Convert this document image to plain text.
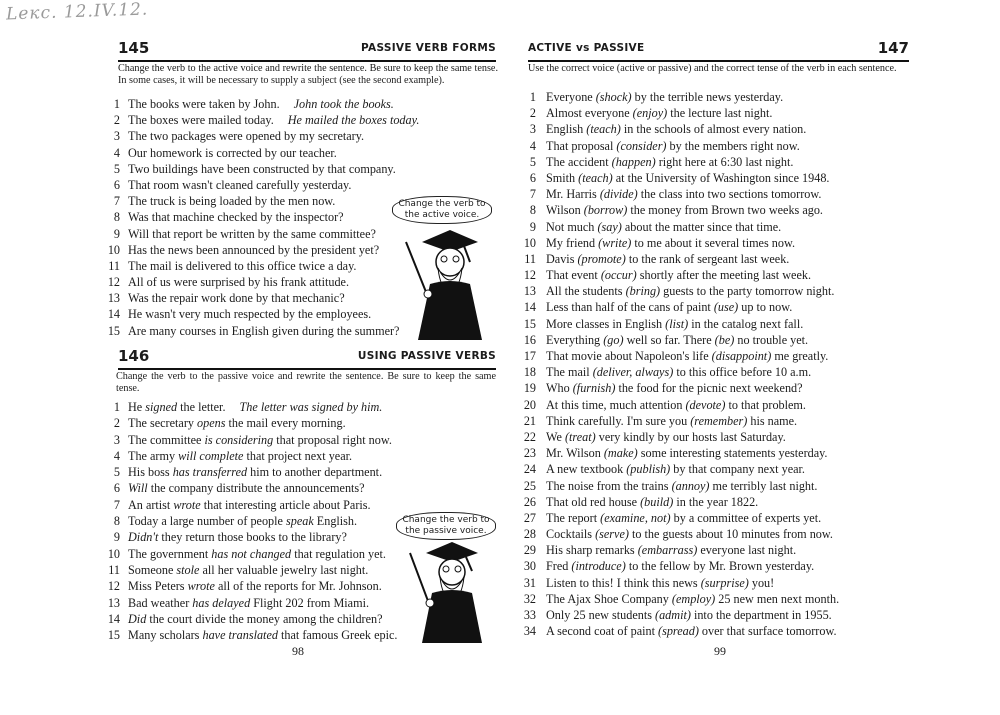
Lекс. 12.IV.12.
145	PASSIVE VERB FORMS
Change the verb to the active voice and rewrite the sentence. Be sure to keep the same tense. In some cases, it will be necessary to supply a subject (see the second example).
1 The books were taken by John. John took the books.
2 The boxes were mailed today. He mailed the boxes today.
3 The two packages were opened by my secretary.
4 Our homework is corrected by our teacher.
5 Two buildings have been constructed by that company.
6 That room wasn't cleaned carefully yesterday.
7 The truck is being loaded by the men now.
8 Was that machine checked by the inspector?
9 Will that report be written by the same committee?
10 Has the news been announced by the president yet?
11 The mail is delivered to this office twice a day.
12 All of us were surprised by his frank attitude.
13 Was the repair work done by that mechanic?
14 He wasn't very much respected by the employees.
15 Are many courses in English given during the summer?
Change the verb to the active voice.
146	USING PASSIVE VERBS
Change the verb to the passive voice and rewrite the sentence. Be sure to keep the same tense.
1 He signed the letter. The letter was signed by him.
2 The secretary opens the mail every morning.
3 The committee is considering that proposal right now.
4 The army will complete that project next year.
5 His boss has transferred him to another department.
6 Will the company distribute the announcements?
7 An artist wrote that interesting article about Paris.
8 Today a large number of people speak English.
9 Didn't they return those books to the library?
10 The government has not changed that regulation yet.
11 Someone stole all her valuable jewelry last night.
12 Miss Peters wrote all of the reports for Mr. Johnson.
13 Bad weather has delayed Flight 202 from Miami.
14 Did the court divide the money among the children?
15 Many scholars have translated that famous Greek epic.
Change the verb to the passive voice.
98
ACTIVE vs PASSIVE	147
Use the correct voice (active or passive) and the correct tense of the verb in each sentence.
1 Everyone (shock) by the terrible news yesterday.
2 Almost everyone (enjoy) the lecture last night.
3 English (teach) in the schools of almost every nation.
4 That proposal (consider) by the members right now.
5 The accident (happen) right here at 6:30 last night.
6 Smith (teach) at the University of Washington since 1948.
7 Mr. Harris (divide) the class into two sections tomorrow.
8 Wilson (borrow) the money from Brown two weeks ago.
9 Not much (say) about the matter since that time.
10 My friend (write) to me about it several times now.
11 Davis (promote) to the rank of sergeant last week.
12 That event (occur) shortly after the meeting last week.
13 All the students (bring) guests to the party tomorrow night.
14 Less than half of the cans of paint (use) up to now.
15 More classes in English (list) in the catalog next fall.
16 Everything (go) well so far. There (be) no trouble yet.
17 That movie about Napoleon's life (disappoint) me greatly.
18 The mail (deliver, always) to this office before 10 a.m.
19 Who (furnish) the food for the picnic next weekend?
20 At this time, much attention (devote) to that problem.
21 Think carefully. I'm sure you (remember) his name.
22 We (treat) very kindly by our hosts last Saturday.
23 Mr. Wilson (make) some interesting statements yesterday.
24 A new textbook (publish) by that company next year.
25 The noise from the trains (annoy) me terribly last night.
26 That old red house (build) in the year 1822.
27 The report (examine, not) by a committee of experts yet.
28 Cocktails (serve) to the guests about 10 minutes from now.
29 His sharp remarks (embarrass) everyone last night.
30 Fred (introduce) to the fellow by Mr. Brown yesterday.
31 Listen to this! I think this news (surprise) you!
32 The Ajax Shoe Company (employ) 25 new men next month.
33 Only 25 new students (admit) into the department in 1955.
34 A second coat of paint (spread) over that surface tomorrow.
99
